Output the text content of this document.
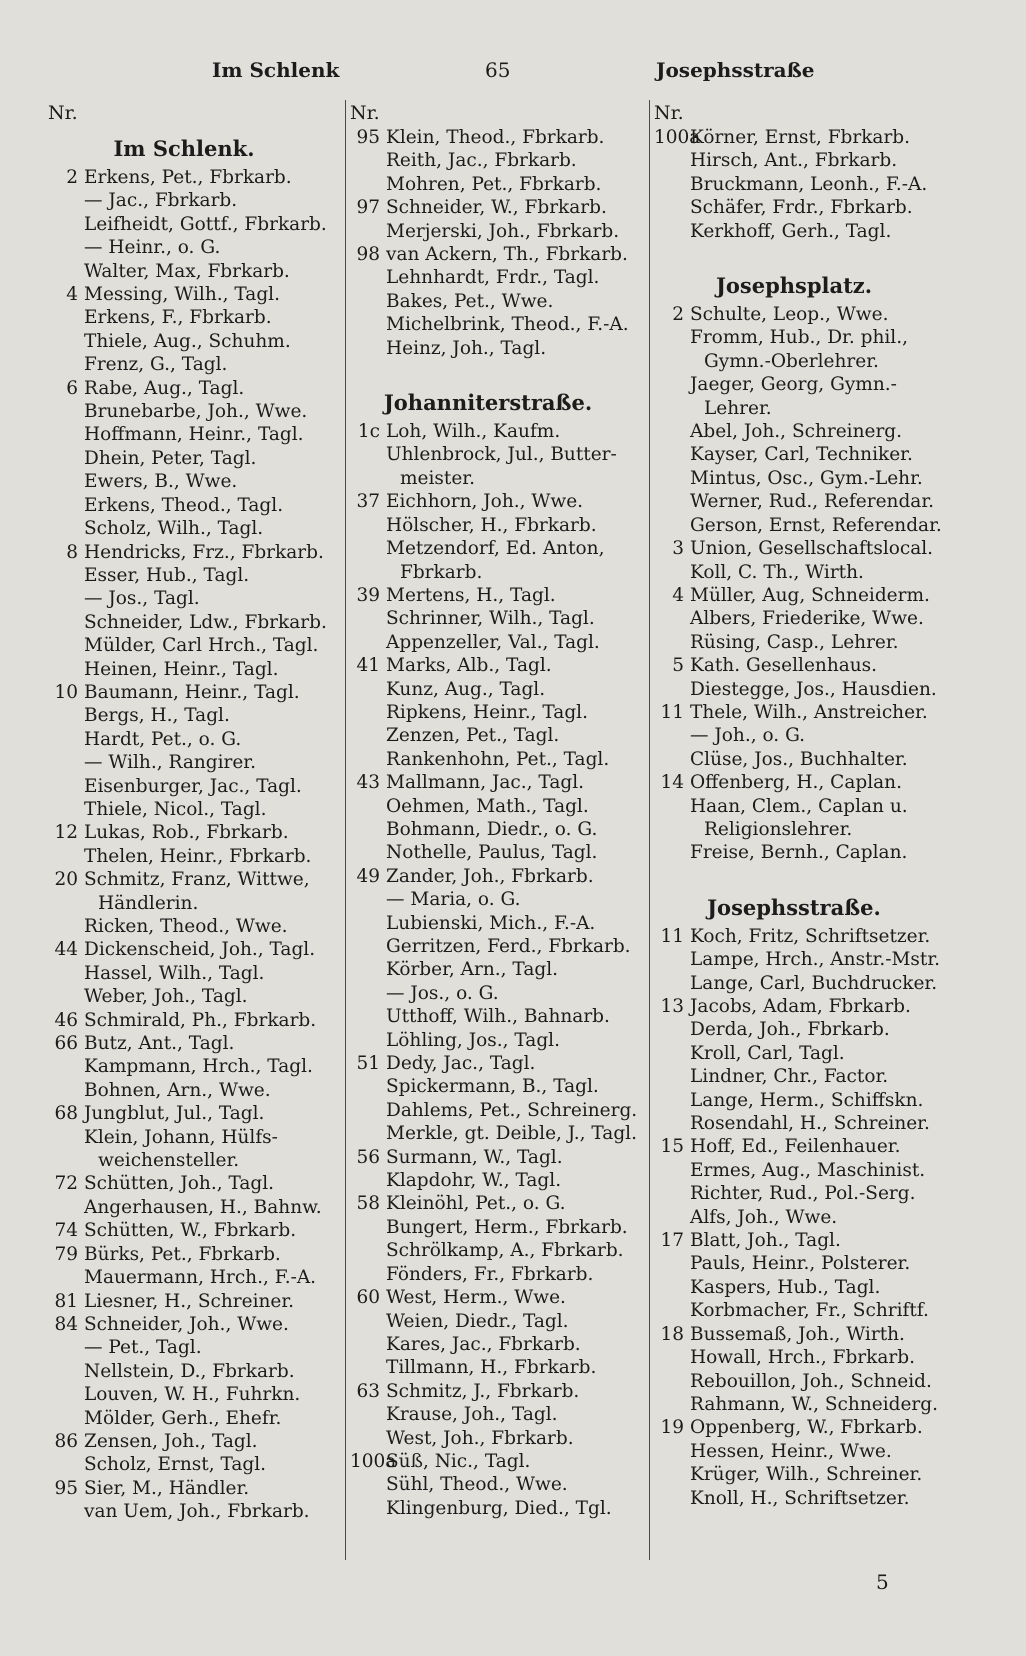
Im Schlenk	65	Josephsstraße
Nr.
Im Schlenk.
2 Erkens, Pet., Fbrkarb.
— Jac., Fbrkarb.
Leifheidt, Gottf., Fbrkarb.
— Heinr., o. G.
Walter, Max, Fbrkarb.
4 Messing, Wilh., Tagl.
Erkens, F., Fbrkarb.
Thiele, Aug., Schuhm.
Frenz, G., Tagl.
6 Rabe, Aug., Tagl.
Brunebarbe, Joh., Wwe.
Hoffmann, Heinr., Tagl.
Dhein, Peter, Tagl.
Ewers, B., Wwe.
Erkens, Theod., Tagl.
Scholz, Wilh., Tagl.
8 Hendricks, Frz., Fbrkarb.
Esser, Hub., Tagl.
— Jos., Tagl.
Schneider, Ldw., Fbrkarb.
Mülder, Carl Hrch., Tagl.
Heinen, Heinr., Tagl.
10 Baumann, Heinr., Tagl.
Bergs, H., Tagl.
Hardt, Pet., o. G.
— Wilh., Rangirer.
Eisenburger, Jac., Tagl.
Thiele, Nicol., Tagl.
12 Lukas, Rob., Fbrkarb.
Thelen, Heinr., Fbrkarb.
20 Schmitz, Franz, Wittwe,
Händlerin.
Ricken, Theod., Wwe.
44 Dickenscheid, Joh., Tagl.
Hassel, Wilh., Tagl.
Weber, Joh., Tagl.
46 Schmirald, Ph., Fbrkarb.
66 Butz, Ant., Tagl.
Kampmann, Hrch., Tagl.
Bohnen, Arn., Wwe.
68 Jungblut, Jul., Tagl.
Klein, Johann, Hülfs-
weichensteller.
72 Schütten, Joh., Tagl.
Angerhausen, H., Bahnw.
74 Schütten, W., Fbrkarb.
79 Bürks, Pet., Fbrkarb.
Mauermann, Hrch., F.-A.
81 Liesner, H., Schreiner.
84 Schneider, Joh., Wwe.
— Pet., Tagl.
Nellstein, D., Fbrkarb.
Louven, W. H., Fuhrkn.
Mölder, Gerh., Ehefr.
86 Zensen, Joh., Tagl.
Scholz, Ernst, Tagl.
95 Sier, M., Händler.
van Uem, Joh., Fbrkarb.
Nr.
95 Klein, Theod., Fbrkarb.
Reith, Jac., Fbrkarb.
Mohren, Pet., Fbrkarb.
97 Schneider, W., Fbrkarb.
Merjerski, Joh., Fbrkarb.
98 van Ackern, Th., Fbrkarb.
Lehnhardt, Frdr., Tagl.
Bakes, Pet., Wwe.
Michelbrink, Theod., F.-A.
Heinz, Joh., Tagl.
Johanniterstraße.
1c Loh, Wilh., Kaufm.
Uhlenbrock, Jul., Butter-
meister.
37 Eichhorn, Joh., Wwe.
Hölscher, H., Fbrkarb.
Metzendorf, Ed. Anton,
Fbrkarb.
39 Mertens, H., Tagl.
Schrinner, Wilh., Tagl.
Appenzeller, Val., Tagl.
41 Marks, Alb., Tagl.
Kunz, Aug., Tagl.
Ripkens, Heinr., Tagl.
Zenzen, Pet., Tagl.
Rankenhohn, Pet., Tagl.
43 Mallmann, Jac., Tagl.
Oehmen, Math., Tagl.
Bohmann, Diedr., o. G.
Nothelle, Paulus, Tagl.
49 Zander, Joh., Fbrkarb.
— Maria, o. G.
Lubienski, Mich., F.-A.
Gerritzen, Ferd., Fbrkarb.
Körber, Arn., Tagl.
— Jos., o. G.
Utthoff, Wilh., Bahnarb.
Löhling, Jos., Tagl.
51 Dedy, Jac., Tagl.
Spickermann, B., Tagl.
Dahlems, Pet., Schreinerg.
Merkle, gt. Deible, J., Tagl.
56 Surmann, W., Tagl.
Klapdohr, W., Tagl.
58 Kleinöhl, Pet., o. G.
Bungert, Herm., Fbrkarb.
Schrölkamp, A., Fbrkarb.
Fönders, Fr., Fbrkarb.
60 West, Herm., Wwe.
Weien, Diedr., Tagl.
Kares, Jac., Fbrkarb.
Tillmann, H., Fbrkarb.
63 Schmitz, J., Fbrkarb.
Krause, Joh., Tagl.
West, Joh., Fbrkarb.
100a
Süß, Nic., Tagl.
Sühl, Theod., Wwe.
Klingenburg, Died., Tgl.
Nr.
100a
Körner, Ernst, Fbrkarb.
Hirsch, Ant., Fbrkarb.
Bruckmann, Leonh., F.-A.
Schäfer, Frdr., Fbrkarb.
Kerkhoff, Gerh., Tagl.
Josephsplatz.
2 Schulte, Leop., Wwe.
Fromm, Hub., Dr. phil.,
Gymn.-Oberlehrer.
Jaeger, Georg, Gymn.-
Lehrer.
Abel, Joh., Schreinerg.
Kayser, Carl, Techniker.
Mintus, Osc., Gym.-Lehr.
Werner, Rud., Referendar.
Gerson, Ernst, Referendar.
3 Union, Gesellschaftslocal.
Koll, C. Th., Wirth.
4 Müller, Aug, Schneiderm.
Albers, Friederike, Wwe.
Rüsing, Casp., Lehrer.
5 Kath. Gesellenhaus.
Diestegge, Jos., Hausdien.
11 Thele, Wilh., Anstreicher.
— Joh., o. G.
Clüse, Jos., Buchhalter.
14 Offenberg, H., Caplan.
Haan, Clem., Caplan u.
Religionslehrer.
Freise, Bernh., Caplan.
Josephsstraße.
11 Koch, Fritz, Schriftsetzer.
Lampe, Hrch., Anstr.-Mstr.
Lange, Carl, Buchdrucker.
13 Jacobs, Adam, Fbrkarb.
Derda, Joh., Fbrkarb.
Kroll, Carl, Tagl.
Lindner, Chr., Factor.
Lange, Herm., Schiffskn.
Rosendahl, H., Schreiner.
15 Hoff, Ed., Feilenhauer.
Ermes, Aug., Maschinist.
Richter, Rud., Pol.-Serg.
Alfs, Joh., Wwe.
17 Blatt, Joh., Tagl.
Pauls, Heinr., Polsterer.
Kaspers, Hub., Tagl.
Korbmacher, Fr., Schriftf.
18 Bussemaß, Joh., Wirth.
Howall, Hrch., Fbrkarb.
Rebouillon, Joh., Schneid.
Rahmann, W., Schneiderg.
19 Oppenberg, W., Fbrkarb.
Hessen, Heinr., Wwe.
Krüger, Wilh., Schreiner.
Knoll, H., Schriftsetzer.
5
